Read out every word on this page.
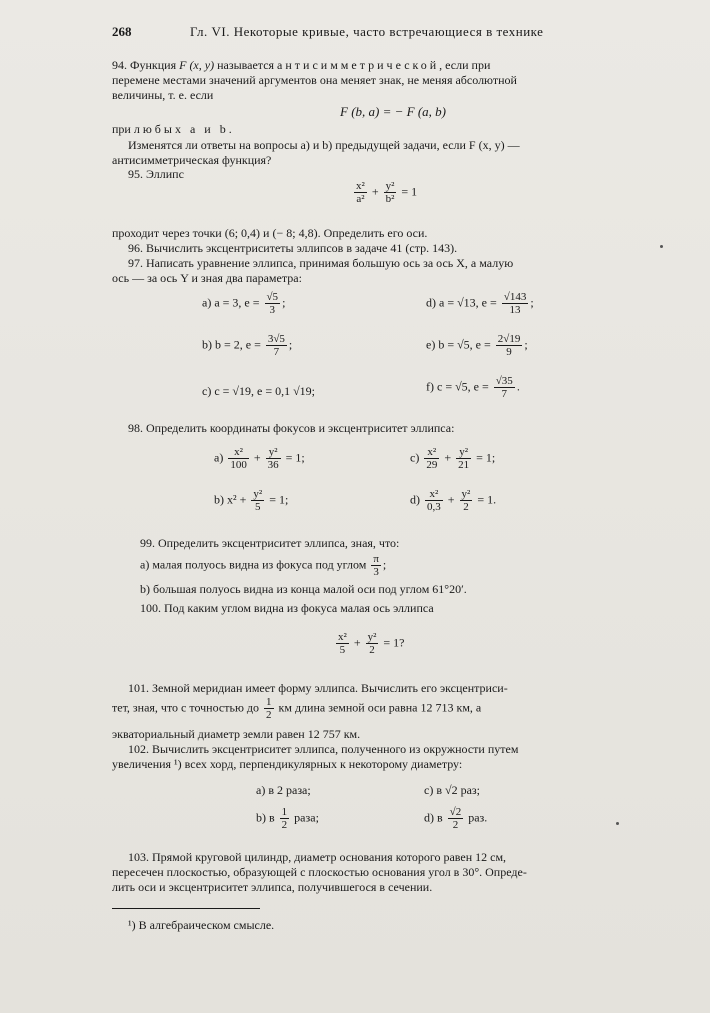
268	Гл. VI. Некоторые кривые, часто встречающиеся в технике
94. Функция F (x, y) называется антисимметрической, если при
перемене местами значений аргументов она меняет знак, не меняя абсолютной
величины, т. е. если
F (b, a) = − F (a, b)
при любых a и b.
Изменятся ли ответы на вопросы a) и b) предыдущей задачи, если F (x, y) —
антисимметрическая функция?
95. Эллипс
$\frac{\text{x²}}{\text{a²}} + \frac{\text{y²}}{\text{b²}} = 1$
проходит через точки (6; 0,4) и (− 8; 4,8). Определить его оси.
96. Вычислить эксцентриситеты эллипсов в задаче 41 (стр. 143).
97. Написать уравнение эллипса, принимая большую ось за ось X, а малую
ось — за ось Y и зная два параметра:
a) a = 3, $e = \frac{√5}{3}$ ;	d) a = √13, $e = \frac{√143}{13}$ ;
b) b = 2, $e = \frac{3√5}{7}$ ;	e) b = √5, $e = \frac{2√19}{9}$ ;
c) c = √19, e = 0,1 √19;	f) c = √5, $e = \frac{√35}{7}$ .
98. Определить координаты фокусов и эксцентриситет эллипса:
$a) \frac{\text{x²}}{100} + \frac{\text{y²}}{36} = 1$;	$c) \frac{\text{x²}}{29} + \frac{\text{y²}}{21} = 1$;
b) $x^2 + \frac{\text{y²}}{5} = 1$;	$d) \frac{\text{x²}}{0,3} + \frac{\text{y²}}{2} = 1$.
99. Определить эксцентриситет эллипса, зная, что:
a) малая полуось видна из фокуса под углом $\frac{\pi}{3}$ ;
b) большая полуось видна из конца малой оси под углом 61°20′.
100. Под каким углом видна из фокуса малая ось эллипса
$\frac{\text{x²}}{5} + \frac{\text{y²}}{2} = 1$?
101. Земной меридиан имеет форму эллипса. Вычислить его эксцентриси-
тет, зная, что с точностью до $\frac{1}{2}$ км длина земной оси равна 12 713 км, а
экваториальный диаметр земли равен 12 757 км.
102. Вычислить эксцентриситет эллипса, полученного из окружности путем
увеличения ¹) всех хорд, перпендикулярных к некоторому диаметру:
a) в 2 раза;	c) в √2 раз;
b) в $\frac{1}{2}$ раза;	d) в $\frac{√2}{2}$ раз.
103. Прямой круговой цилиндр, диаметр основания которого равен 12 см,
пересечен плоскостью, образующей с плоскостью основания угол в 30°. Опреде-
лить оси и эксцентриситет эллипса, получившегося в сечении.
¹) В алгебраическом смысле.
